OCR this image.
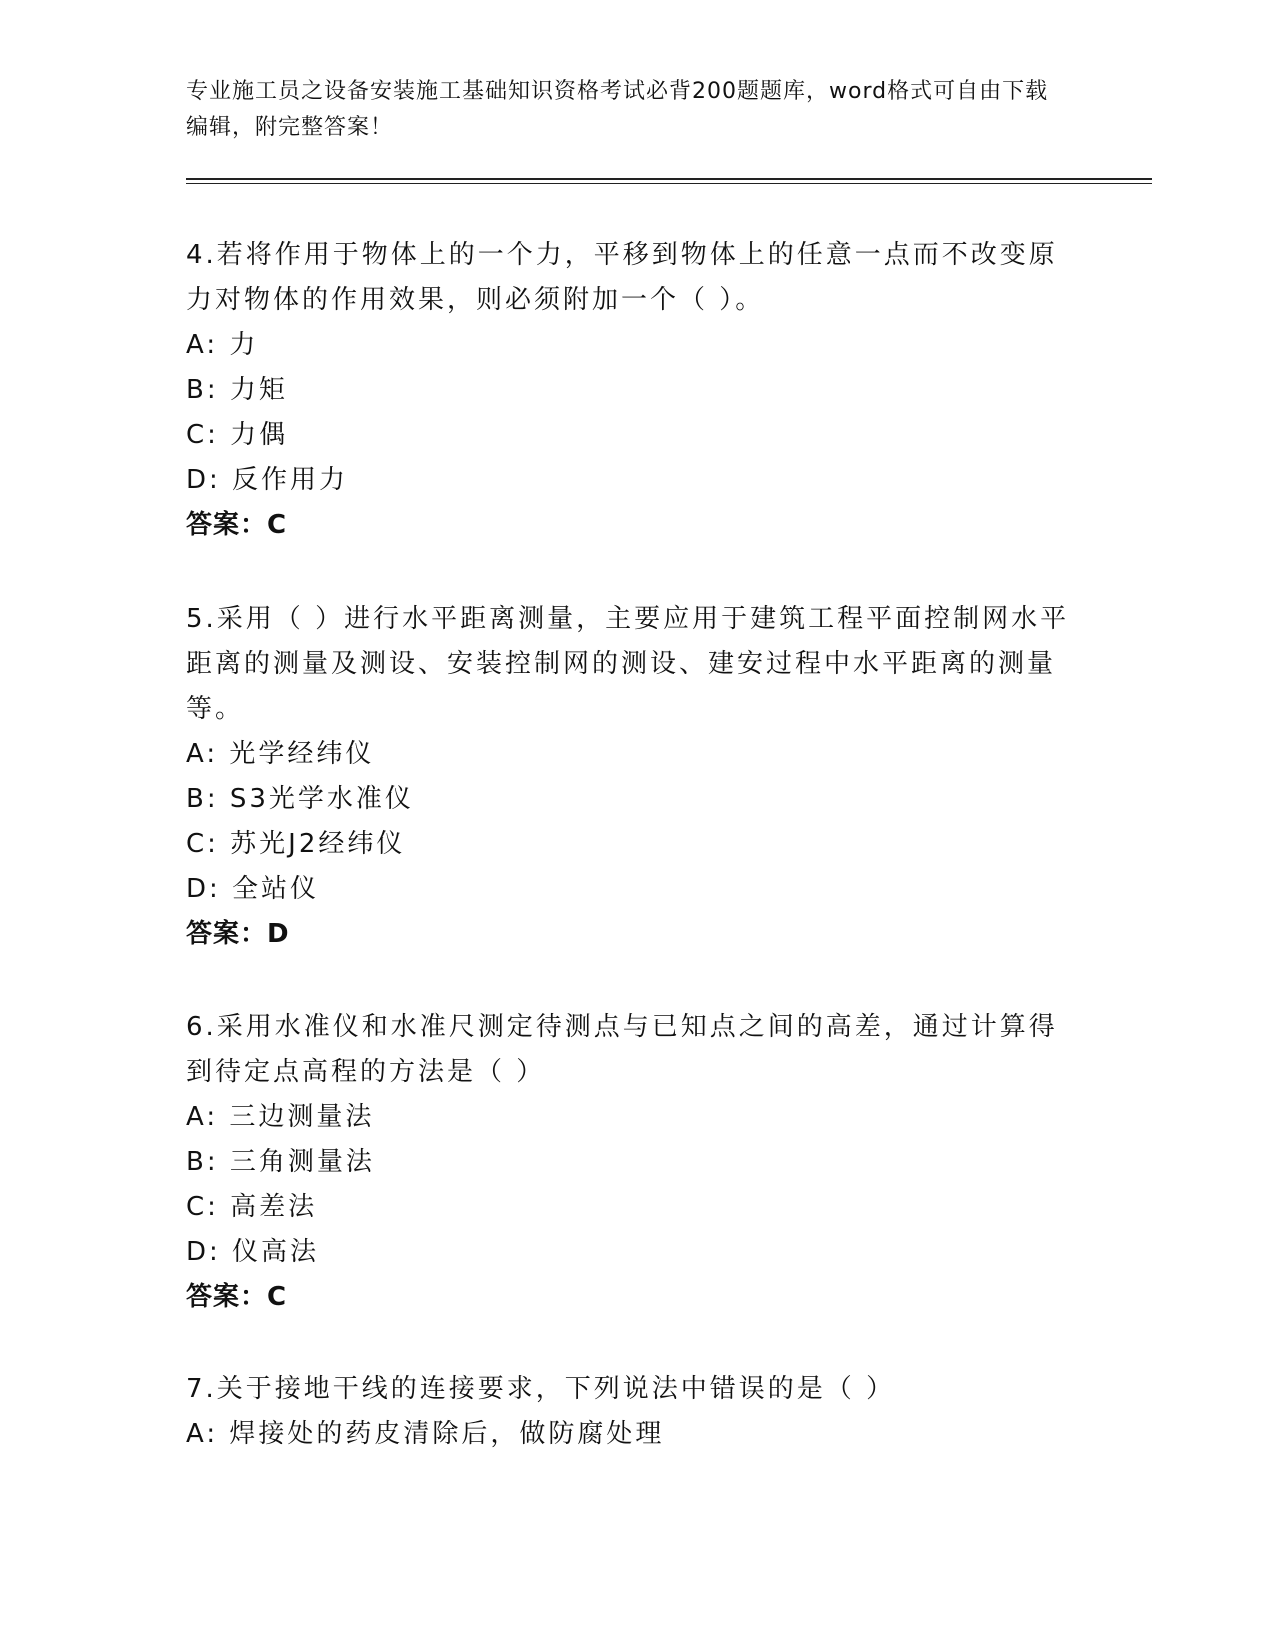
专业施工员之设备安装施工基础知识资格考试必背200题题库，word格式可自由下载编辑，附完整答案！
4.若将作用于物体上的一个力，平移到物体上的任意一点而不改变原力对物体的作用效果，则必须附加一个（ ）。
A: 力
B: 力矩
C: 力偶
D: 反作用力
答案：C
5.采用（ ）进行水平距离测量，主要应用于建筑工程平面控制网水平距离的测量及测设、安装控制网的测设、建安过程中水平距离的测量等。
A: 光学经纬仪
B: S3光学水准仪
C: 苏光J2经纬仪
D: 全站仪
答案：D
6.采用水准仪和水准尺测定待测点与已知点之间的高差，通过计算得到待定点高程的方法是（ ）
A: 三边测量法
B: 三角测量法
C: 高差法
D: 仪高法
答案：C
7.关于接地干线的连接要求，下列说法中错误的是（ ）
A: 焊接处的药皮清除后，做防腐处理
